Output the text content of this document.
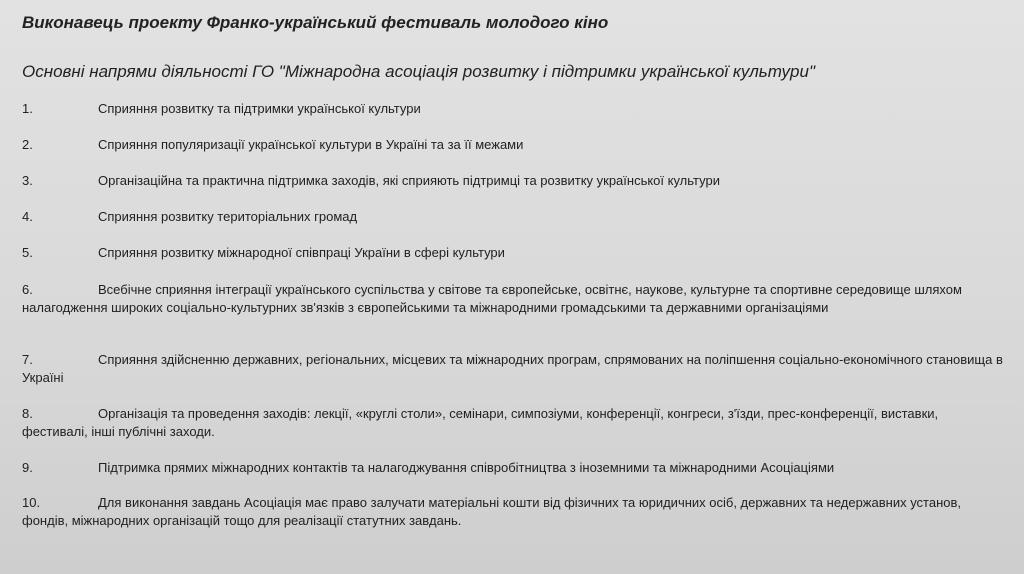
Виконавець проекту Франко-український фестиваль молодого кіно
Основні напрями діяльності ГО "Міжнародна асоціація розвитку і підтримки української культури"
1.	Сприяння розвитку та підтримки української культури
2.	Сприяння популяризації української культури в Україні та за її межами
3.	Організаційна та практична підтримка заходів, які сприяють підтримці та розвитку української культури
4.	Сприяння розвитку територіальних громад
5.	Сприяння розвитку міжнародної співпраці України в сфері культури
6.	Всебічне сприяння інтеграції українського суспільства у світове та європейське, освітнє, наукове, культурне та спортивне середовище шляхом налагодження широких соціально-культурних зв'язків з європейськими та міжнародними громадськими та державними організаціями
7.	Сприяння здійсненню державних, регіональних, місцевих та міжнародних програм, спрямованих на поліпшення соціально-економічного становища в Україні
8.	Організація та проведення заходів: лекції, «круглі столи», семінари, симпозіуми, конференції, конгреси, з'їзди, прес-конференції, виставки, фестивалі, інші публічні заходи.
9.	Підтримка прямих міжнародних контактів та налагоджування співробітництва з іноземними та міжнародними Асоціаціями
10.	Для виконання завдань Асоціація має право залучати матеріальні кошти від фізичних та юридичних осіб, державних та недержавних установ, фондів, міжнародних організацій тощо для реалізації статутних завдань.
